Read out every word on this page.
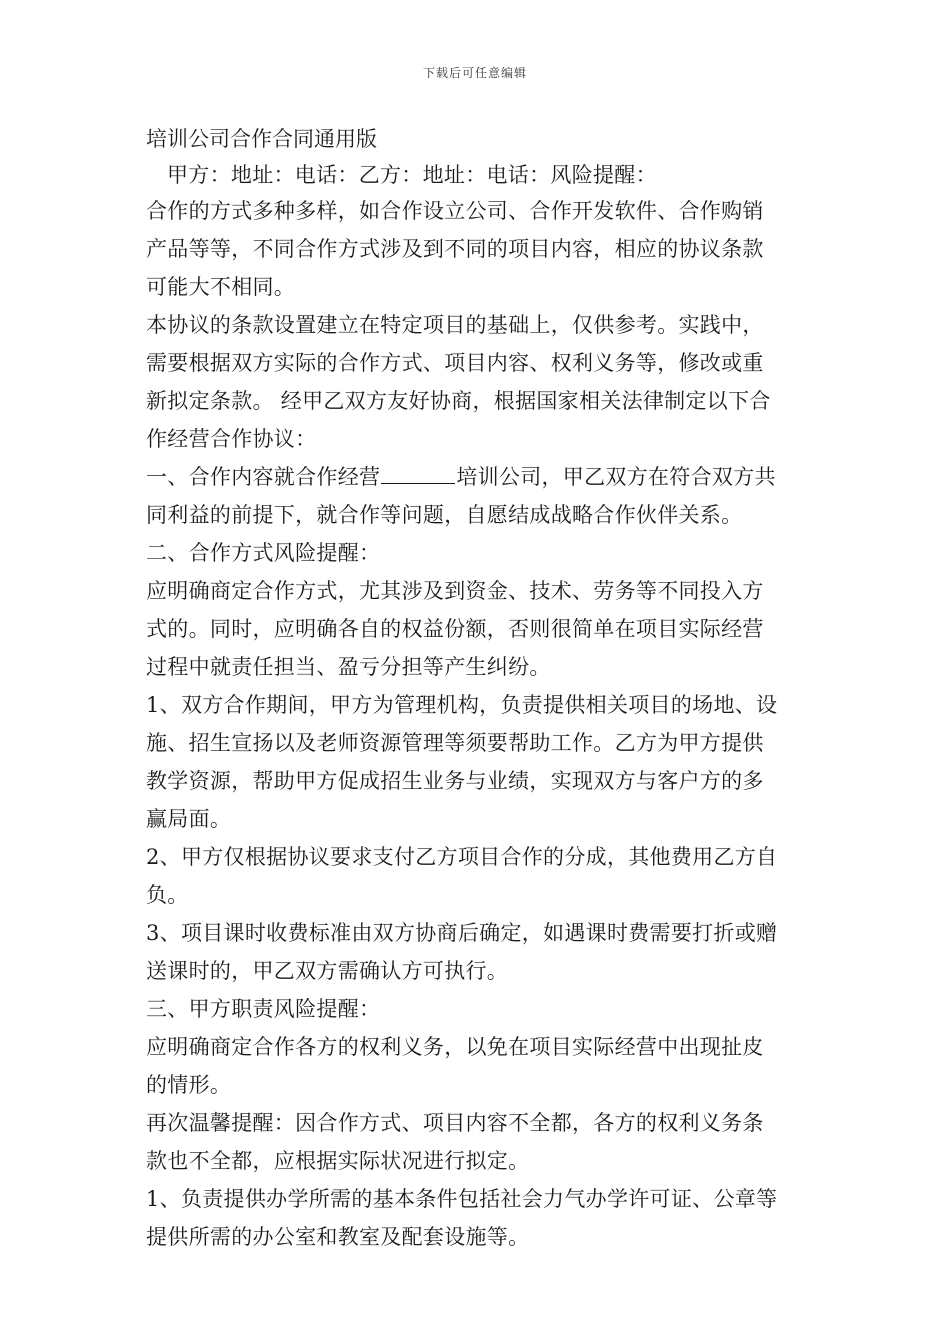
下载后可任意编辑
培训公司合作合同通用版
甲方：地址：电话：乙方：地址：电话：风险提醒：
合作的方式多种多样，如合作设立公司、合作开发软件、合作购销
产品等等，不同合作方式涉及到不同的项目内容，相应的协议条款
可能大不相同。
本协议的条款设置建立在特定项目的基础上，仅供参考。实践中，
需要根据双方实际的合作方式、项目内容、权利义务等，修改或重
新拟定条款。 经甲乙双方友好协商，根据国家相关法律制定以下合
作经营合作协议：
一、合作内容就合作经营	培训公司，甲乙双方在符合双方共
同利益的前提下，就合作等问题，自愿结成战略合作伙伴关系。
二、合作方式风险提醒：
应明确商定合作方式，尤其涉及到资金、技术、劳务等不同投入方
式的。同时，应明确各自的权益份额，否则很简单在项目实际经营
过程中就责任担当、盈亏分担等产生纠纷。
1、双方合作期间，甲方为管理机构，负责提供相关项目的场地、设
施、招生宣扬以及老师资源管理等须要帮助工作。乙方为甲方提供
教学资源，帮助甲方促成招生业务与业绩，实现双方与客户方的多
赢局面。
2、甲方仅根据协议要求支付乙方项目合作的分成，其他费用乙方自
负。
3、项目课时收费标准由双方协商后确定，如遇课时费需要打折或赠
送课时的，甲乙双方需确认方可执行。
三、甲方职责风险提醒：
应明确商定合作各方的权利义务，以免在项目实际经营中出现扯皮
的情形。
再次温馨提醒：因合作方式、项目内容不全都，各方的权利义务条
款也不全都，应根据实际状况进行拟定。
1、负责提供办学所需的基本条件包括社会力气办学许可证、公章等
提供所需的办公室和教室及配套设施等。
